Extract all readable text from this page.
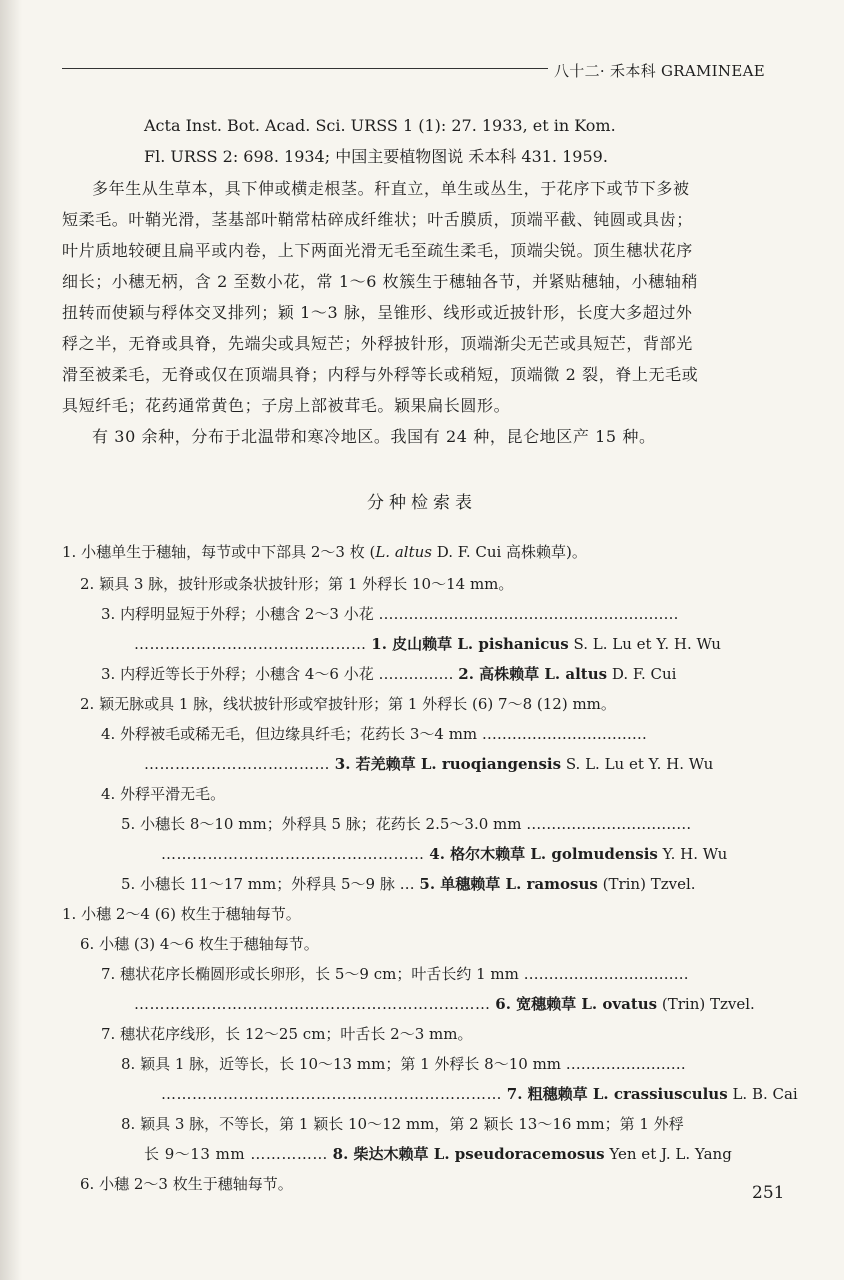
八十二· 禾本科 GRAMINEAE
Acta Inst. Bot. Acad. Sci. URSS 1 (1): 27. 1933, et in Kom.
Fl. URSS 2: 698. 1934; 中国主要植物图说 禾本科 431. 1959.
多年生从生草本，具下伸或横走根茎。秆直立，单生或丛生，于花序下或节下多被
短柔毛。叶鞘光滑，茎基部叶鞘常枯碎成纤维状；叶舌膜质，顶端平截、钝圆或具齿；
叶片质地较硬且扁平或内卷，上下两面光滑无毛至疏生柔毛，顶端尖锐。顶生穗状花序
细长；小穗无柄，含 2 至数小花，常 1～6 枚簇生于穗轴各节，并紧贴穗轴，小穗轴稍
扭转而使颖与稃体交叉排列；颖 1～3 脉，呈锥形、线形或近披针形，长度大多超过外
稃之半，无脊或具脊，先端尖或具短芒；外稃披针形，顶端渐尖无芒或具短芒，背部光
滑至被柔毛，无脊或仅在顶端具脊；内稃与外稃等长或稍短，顶端微 2 裂，脊上无毛或
具短纤毛；花药通常黄色；子房上部被茸毛。颖果扁长圆形。
有 30 余种，分布于北温带和寒冷地区。我国有 24 种，昆仑地区产 15 种。
分种检索表
1. 小穗单生于穗轴，每节或中下部具 2～3 枚 (L. altus D. F. Cui 高株赖草)。
2. 颖具 3 脉，披针形或条状披针形；第 1 外稃长 10～14 mm。
3. 内稃明显短于外稃；小穗含 2～3 小花 ……………………………………………………
……………………………………… 1. 皮山赖草 L. pishanicus S. L. Lu et Y. H. Wu
3. 内稃近等长于外稃；小穗含 4～6 小花 …………… 2. 高株赖草 L. altus D. F. Cui
2. 颖无脉或具 1 脉，线状披针形或窄披针形；第 1 外稃长 (6) 7～8 (12) mm。
4. 外稃被毛或稀无毛，但边缘具纤毛；花药长 3～4 mm ……………………………
……………………………… 3. 若羌赖草 L. ruoqiangensis S. L. Lu et Y. H. Wu
4. 外稃平滑无毛。
5. 小穗长 8～10 mm；外稃具 5 脉；花药长 2.5～3.0 mm ……………………………
…………………………………………… 4. 格尔木赖草 L. golmudensis Y. H. Wu
5. 小穗长 11～17 mm；外稃具 5～9 脉 … 5. 单穗赖草 L. ramosus (Trin) Tzvel.
1. 小穗 2～4 (6) 枚生于穗轴每节。
6. 小穗 (3) 4～6 枚生于穗轴每节。
7. 穗状花序长椭圆形或长卵形，长 5～9 cm；叶舌长约 1 mm ……………………………
…………………………………………………………… 6. 宽穗赖草 L. ovatus (Trin) Tzvel.
7. 穗状花序线形，长 12～25 cm；叶舌长 2～3 mm。
8. 颖具 1 脉，近等长，长 10～13 mm；第 1 外稃长 8～10 mm ……………………
………………………………………………………… 7. 粗穗赖草 L. crassiusculus L. B. Cai
8. 颖具 3 脉，不等长，第 1 颖长 10～12 mm，第 2 颖长 13～16 mm；第 1 外稃
长 9～13 mm …………… 8. 柴达木赖草 L. pseudoracemosus Yen et J. L. Yang
6. 小穗 2～3 枚生于穗轴每节。	251
